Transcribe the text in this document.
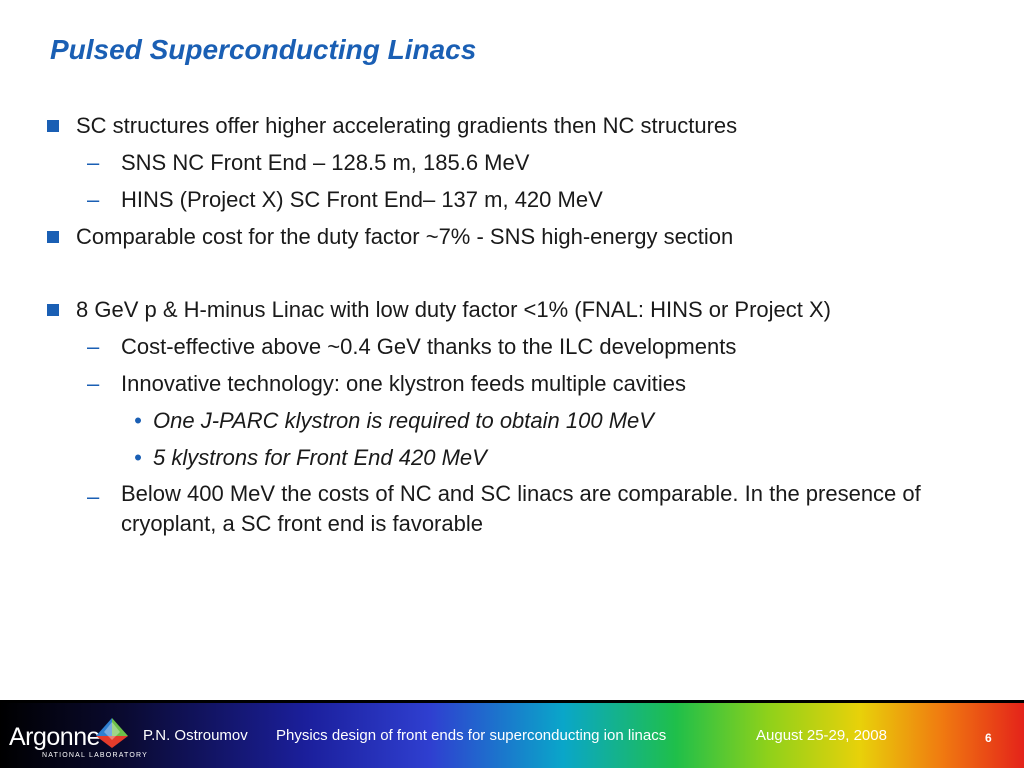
Pulsed Superconducting Linacs
SC structures offer higher accelerating gradients then NC structures
– SNS NC Front End – 128.5 m, 185.6 MeV
– HINS (Project X) SC Front End– 137 m, 420 MeV
Comparable cost for the duty factor ~7% - SNS high-energy section
8 GeV p & H-minus Linac with low duty factor <1% (FNAL: HINS or Project X)
– Cost-effective above ~0.4 GeV thanks to the ILC developments
– Innovative technology: one klystron feeds multiple cavities
• One J-PARC klystron is required to obtain 100 MeV
• 5 klystrons for Front End 420 MeV
– Below 400 MeV the costs of NC and SC linacs are comparable. In the presence of cryoplant, a SC front end is favorable
Argonne
NATIONAL LABORATORY
P.N. Ostroumov Physics design of front ends for superconducting ion linacs	August 25-29, 2008	6
